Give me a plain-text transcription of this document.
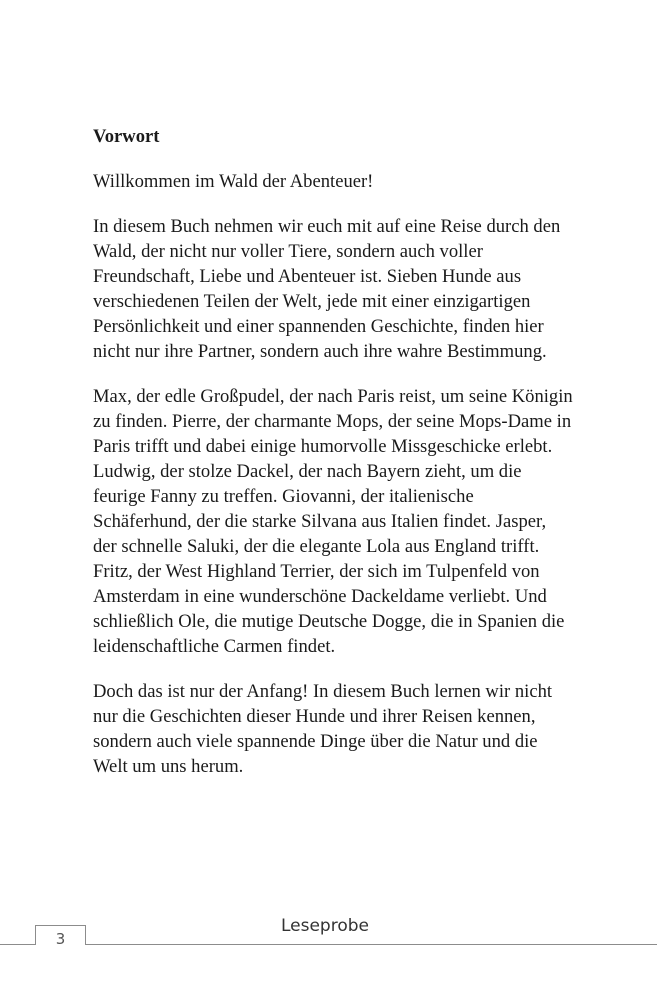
Vorwort

Willkommen im Wald der Abenteuer!

In diesem Buch nehmen wir euch mit auf eine Reise durch den Wald, der nicht nur voller Tiere, sondern auch voller Freundschaft, Liebe und Abenteuer ist. Sieben Hunde aus verschiedenen Teilen der Welt, jede mit einer einzigartigen Persönlichkeit und einer spannenden Geschichte, finden hier nicht nur ihre Partner, sondern auch ihre wahre Bestimmung.

Max, der edle Großpudel, der nach Paris reist, um seine Königin zu finden. Pierre, der charmante Mops, der seine Mops-Dame in Paris trifft und dabei einige humorvolle Missgeschicke erlebt. Ludwig, der stolze Dackel, der nach Bayern zieht, um die feurige Fanny zu treffen. Giovanni, der italienische Schäferhund, der die starke Silvana aus Italien findet. Jasper, der schnelle Saluki, der die elegante Lola aus England trifft. Fritz, der West Highland Terrier, der sich im Tulpenfeld von Amsterdam in eine wunderschöne Dackeldame verliebt. Und schließlich Ole, die mutige Deutsche Dogge, die in Spanien die leidenschaftliche Carmen findet.

Doch das ist nur der Anfang! In diesem Buch lernen wir nicht nur die Geschichten dieser Hunde und ihrer Reisen kennen, sondern auch viele spannende Dinge über die Natur und die Welt um uns herum.

3
Leseprobe
